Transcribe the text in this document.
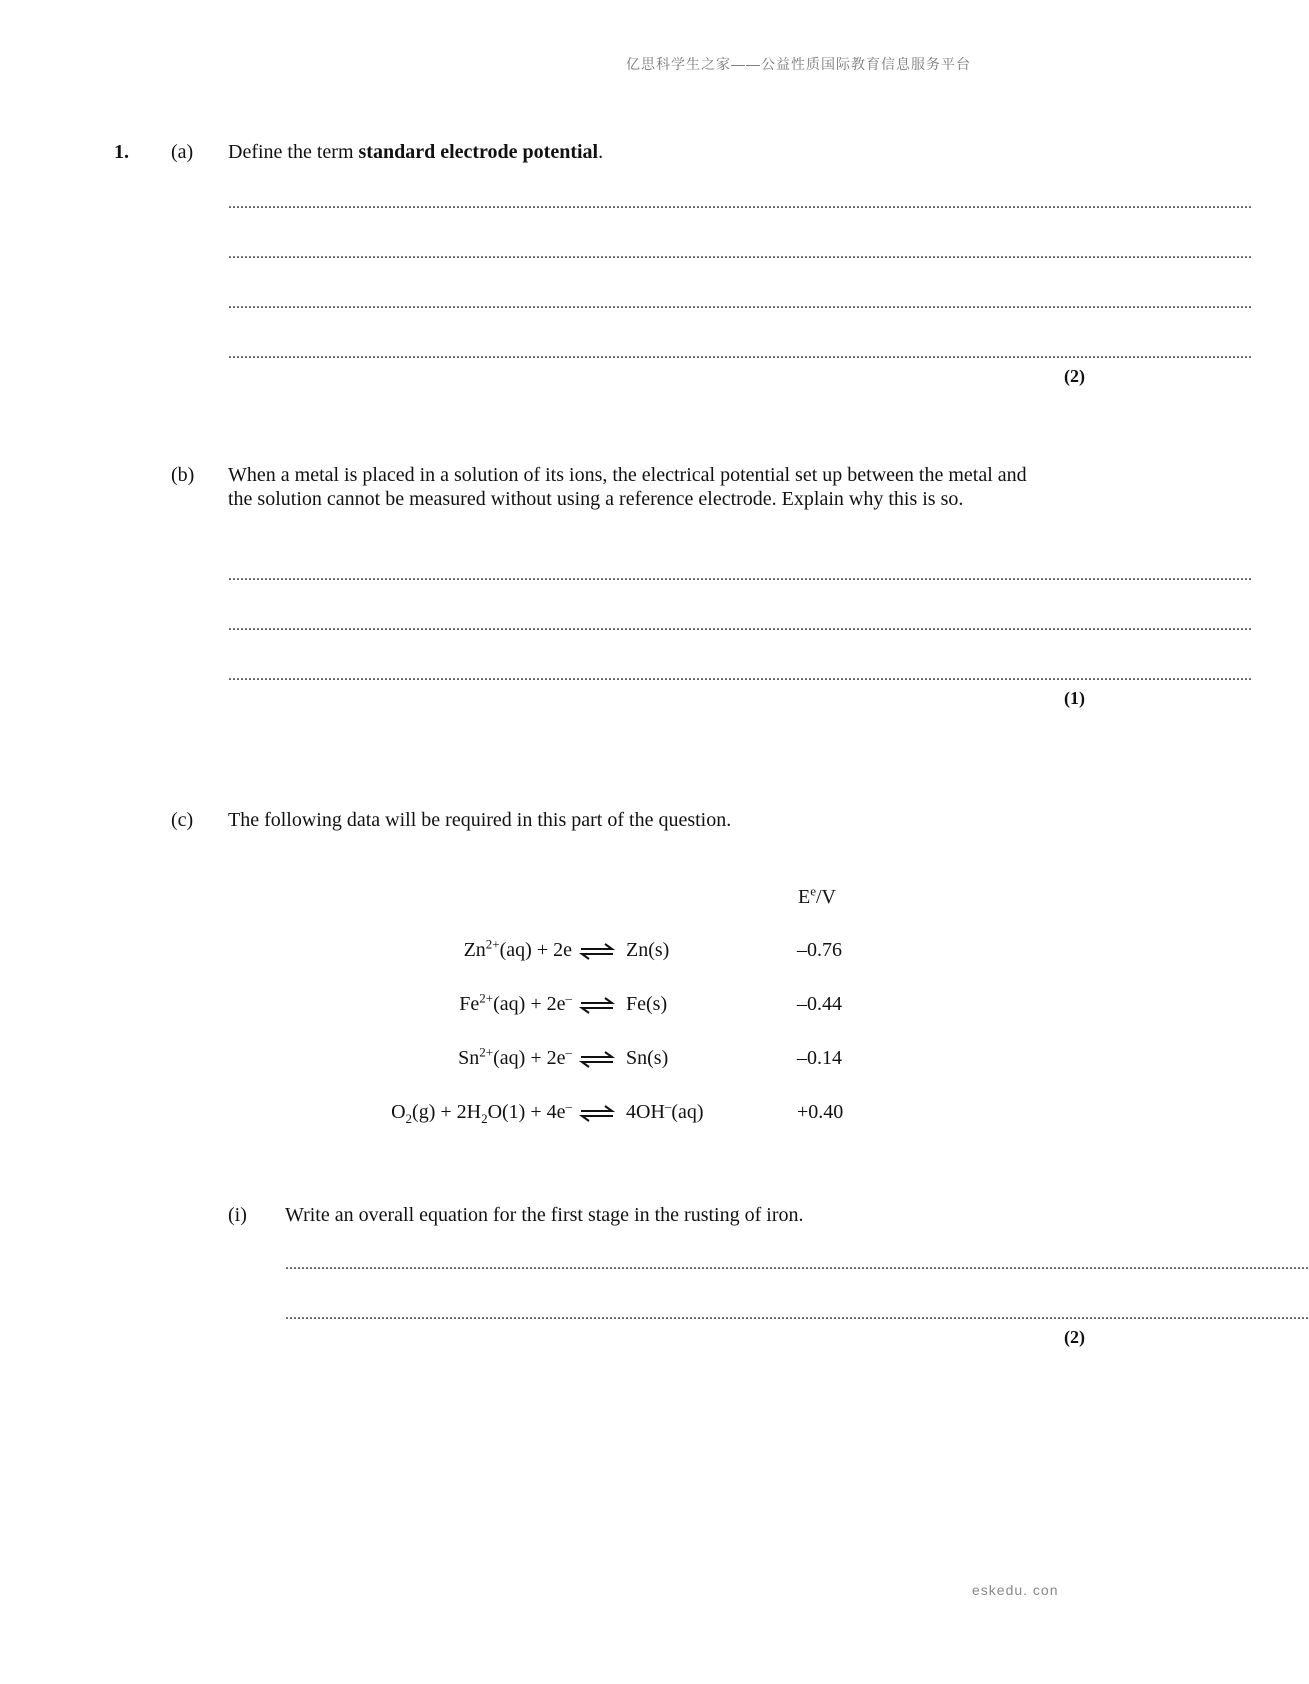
亿思科学生之家——公益性质国际教育信息服务平台
eskedu. con
1. (a) Define the term standard electrode potential.
................................................................................................................................................................................................................................................................
................................................................................................................................................................................................................................................................
................................................................................................................................................................................................................................................................
................................................................................................................................................................................................................................................................
(2)
(b) When a metal is placed in a solution of its ions, the electrical potential set up between the metal and the solution cannot be measured without using a reference electrode. Explain why this is so.
................................................................................................................................................................................................................................................................
................................................................................................................................................................................................................................................................
................................................................................................................................................................................................................................................................
(1)
(c) The following data will be required in this part of the question.
$E^e/V$
$Zn^{2+}(aq) + 2e$ ⇌ Zn(s)	–0.76
$Fe^{2+}(aq) + 2e^-$ ⇌ Fe(s)	–0.44
$Sn^{2+}(aq) + 2e^-$ ⇌ Sn(s)	–0.14
$O_2(g) + 2H_2O(1) + 4e^-$ ⇌ 4OH–(aq)	+0.40
(i) Write an overall equation for the first stage in the rusting of iron.
................................................................................................................................................................................................................................................................
................................................................................................................................................................................................................................................................
(2)
